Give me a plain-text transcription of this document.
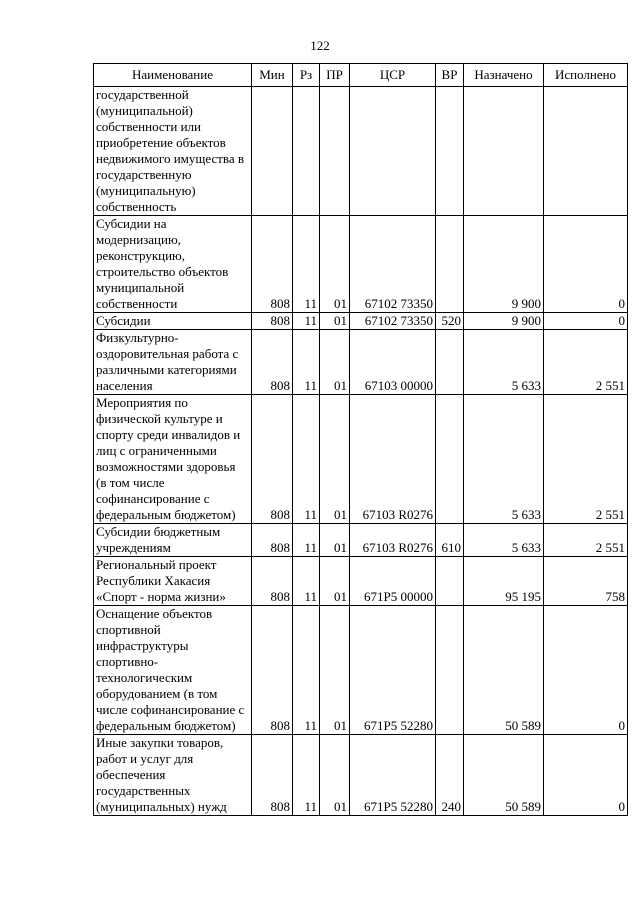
122
Наименование	Мин	Рз	ПР	ЦСР	ВР	Назначено	Исполнено
государственной (муниципальной) собственности или приобретение объектов недвижимого имущества в государственную (муниципальную) собственность							
Субсидии на модернизацию, реконструкцию, строительство объектов муниципальной собственности	808	11	01	67102 73350		9 900	0
Субсидии	808	11	01	67102 73350	520	9 900	0
Физкультурно-оздоровительная работа с различными категориями населения	808	11	01	67103 00000		5 633	2 551
Мероприятия по физической культуре и спорту среди инвалидов и лиц с ограниченными возможностями здоровья (в том числе софинансирование с федеральным бюджетом)	808	11	01	67103 R0276		5 633	2 551
Субсидии бюджетным учреждениям	808	11	01	67103 R0276	610	5 633	2 551
Региональный проект Республики Хакасия «Спорт - норма жизни»	808	11	01	671P5 00000		95 195	758
Оснащение объектов спортивной инфраструктуры спортивно-технологическим оборудованием (в том числе софинансирование с федеральным бюджетом)	808	11	01	671P5 52280		50 589	0
Иные закупки товаров, работ и услуг для обеспечения государственных (муниципальных) нужд	808	11	01	671P5 52280	240	50 589	0
